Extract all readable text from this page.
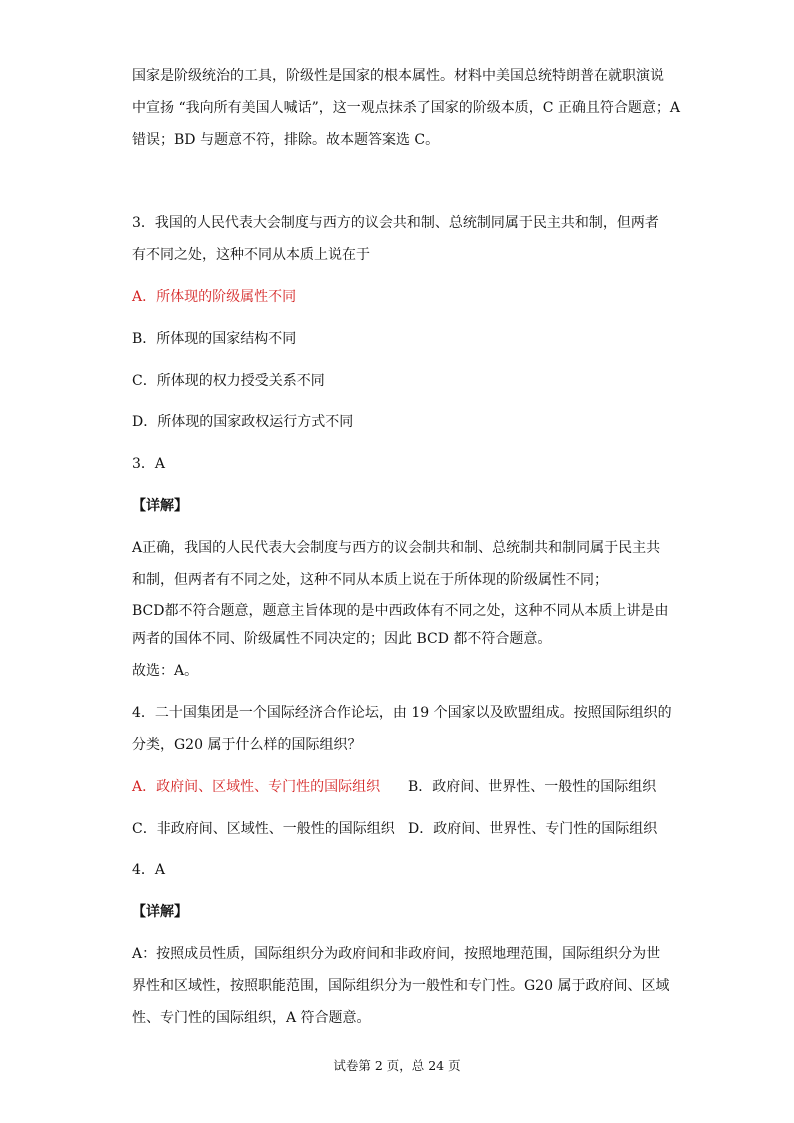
国家是阶级统治的工具，阶级性是国家的根本属性。材料中美国总统特朗普在就职演说

中宣扬 “我向所有美国人喊话”，这一观点抹杀了国家的阶级本质，C 正确且符合题意；A

错误；BD 与题意不符，排除。故本题答案选 C。

3．我国的人民代表大会制度与西方的议会共和制、总统制同属于民主共和制，但两者

有不同之处，这种不同从本质上说在于

A．所体现的阶级属性不同

B．所体现的国家结构不同

C．所体现的权力授受关系不同

D．所体现的国家政权运行方式不同

3．A

【详解】

A正确，我国的人民代表大会制度与西方的议会制共和制、总统制共和制同属于民主共

和制，但两者有不同之处，这种不同从本质上说在于所体现的阶级属性不同；

BCD都不符合题意，题意主旨体现的是中西政体有不同之处，这种不同从本质上讲是由

两者的国体不同、阶级属性不同决定的；因此 BCD 都不符合题意。

故选：A。

4．二十国集团是一个国际经济合作论坛，由 19 个国家以及欧盟组成。按照国际组织的

分类，G20 属于什么样的国际组织？

A．政府间、区域性、专门性的国际组织 B．政府间、世界性、一般性的国际组织

C．非政府间、区域性、一般性的国际组织 D．政府间、世界性、专门性的国际组织

4．A

【详解】

A：按照成员性质，国际组织分为政府间和非政府间，按照地理范围，国际组织分为世

界性和区域性，按照职能范围，国际组织分为一般性和专门性。G20 属于政府间、区域

性、专门性的国际组织，A 符合题意。

试卷第 2 页，总 24 页
